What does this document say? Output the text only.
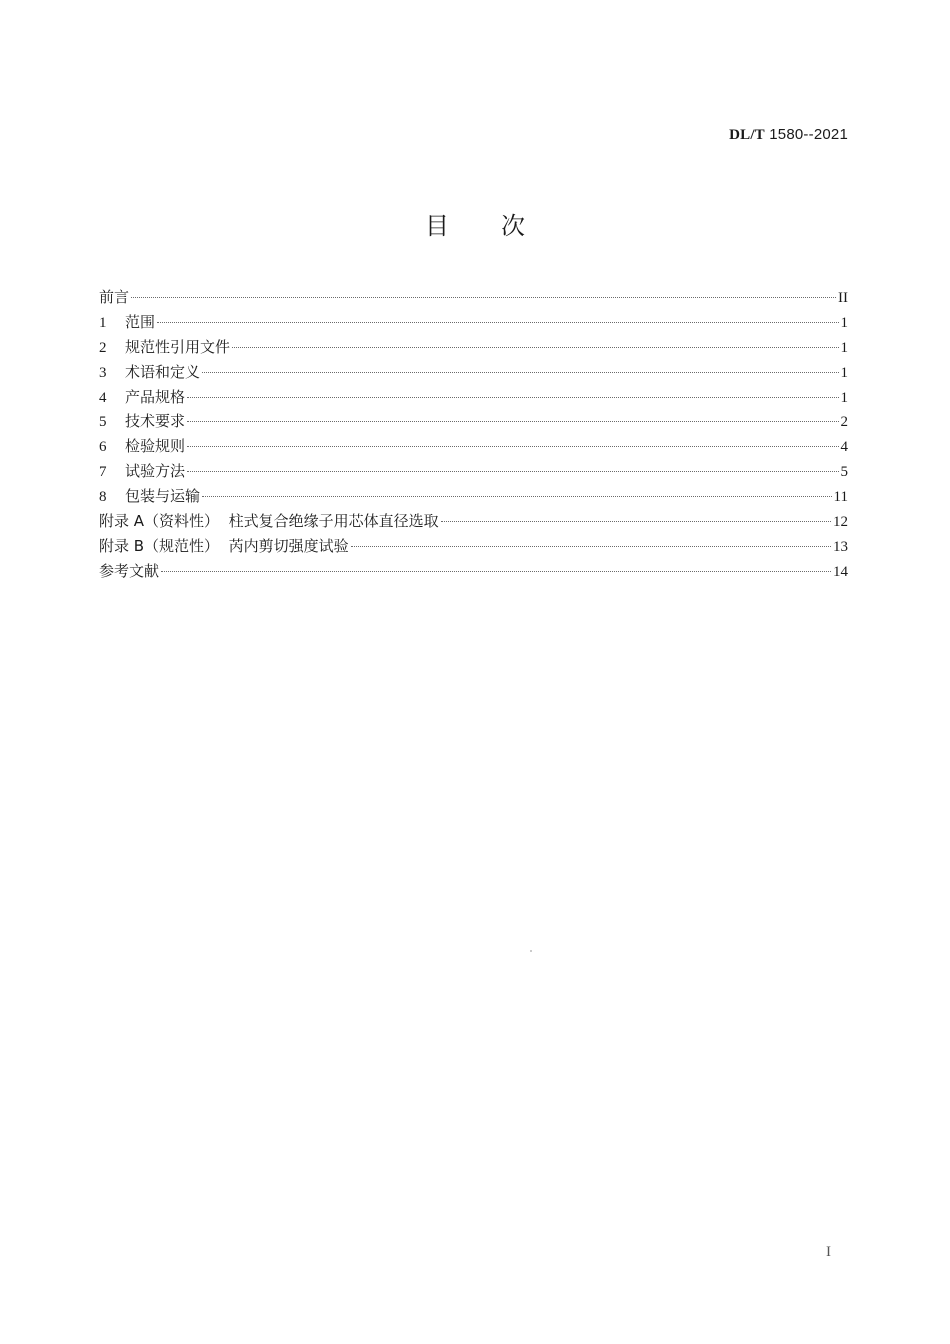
DL/T 1580--2021
目 次
前言	II
1	范围	1
2	规范性引用文件	1
3	术语和定义	1
4	产品规格	1
5	技术要求	2
6	检验规则	4
7	试验方法	5
8	包装与运输	11
附录 A（资料性） 柱式复合绝缘子用芯体直径选取	12
附录 B（规范性） 芮内剪切强度试验	13
参考文献	14
I
